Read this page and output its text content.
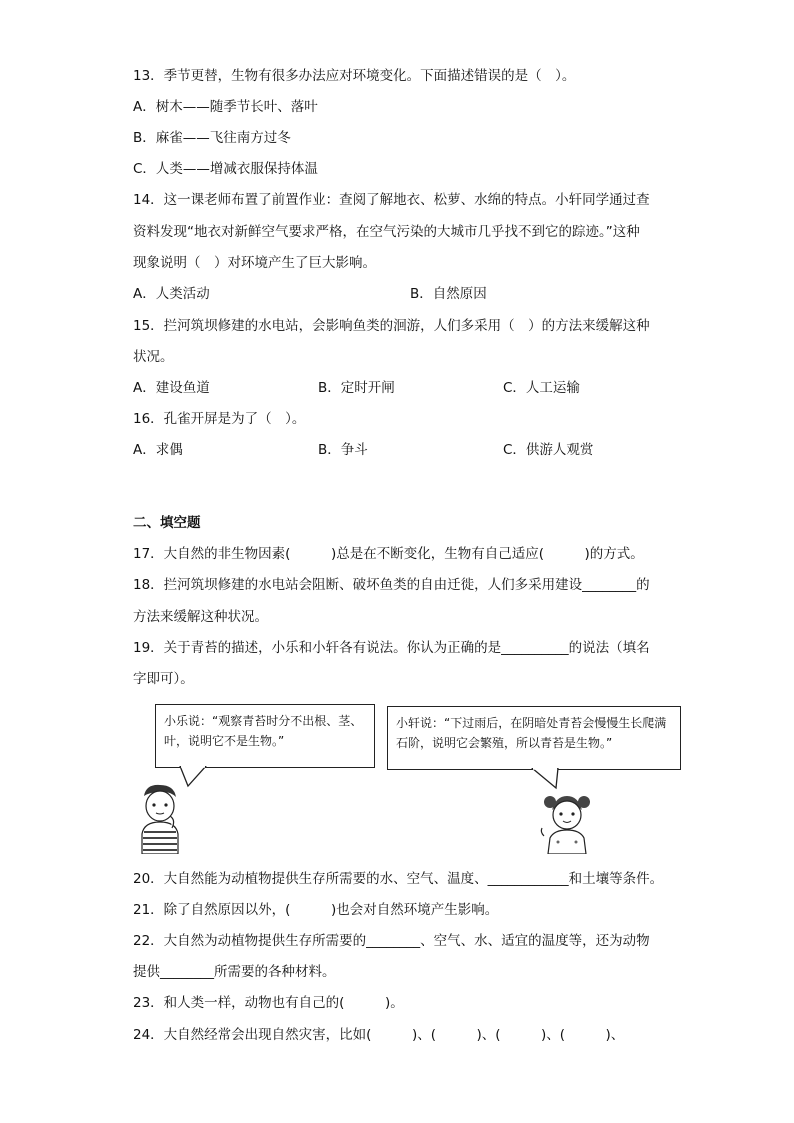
13．季节更替，生物有很多办法应对环境变化。下面描述错误的是（　）。
A．树木——随季节长叶、落叶
B．麻雀——飞往南方过冬
C．人类——增减衣服保持体温
14．这一课老师布置了前置作业：查阅了解地衣、松萝、水绵的特点。小轩同学通过查
资料发现“地衣对新鲜空气要求严格，在空气污染的大城市几乎找不到它的踪迹。”这种
现象说明（　）对环境产生了巨大影响。
A．人类活动	B．自然原因
15．拦河筑坝修建的水电站，会影响鱼类的洄游，人们多采用（　）的方法来缓解这种
状况。
A．建设鱼道	B．定时开闸	C．人工运输
16．孔雀开屏是为了（　）。
A．求偶	B．争斗	C．供游人观赏
二、填空题
17．大自然的非生物因素(　　　)总是在不断变化，生物有自己适应(　　　)的方式。
18．拦河筑坝修建的水电站会阻断、破坏鱼类的自由迁徙，人们多采用建设________的
方法来缓解这种状况。
19．关于青苔的描述，小乐和小轩各有说法。你认为正确的是__________的说法（填名
字即可）。
小乐说：“观察青苔时分不出根、茎、叶，说明它不是生物。”
小轩说：“下过雨后，在阴暗处青苔会慢慢生长爬满石阶，说明它会繁殖，所以青苔是生物。”
20．大自然能为动植物提供生存所需要的水、空气、温度、____________和土壤等条件。
21．除了自然原因以外，(　　　)也会对自然环境产生影响。
22．大自然为动植物提供生存所需要的________、空气、水、适宜的温度等，还为动物
提供________所需要的各种材料。
23．和人类一样，动物也有自己的(　　　)。
24．大自然经常会出现自然灾害，比如(　　　)、(　　　)、(　　　)、(　　　)、
